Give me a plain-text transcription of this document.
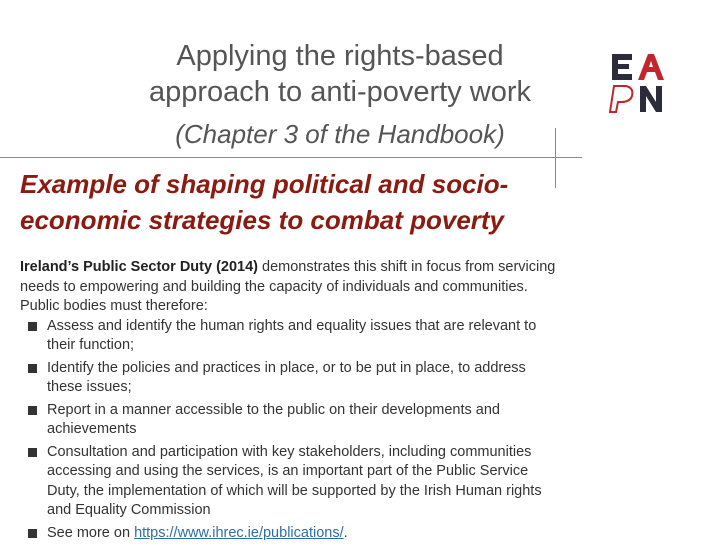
Applying the rights-based
approach to anti-poverty work
(Chapter 3 of the Handbook)
Example of shaping political and socio-
economic strategies to combat poverty

Ireland’s Public Sector Duty (2014) demonstrates this shift in focus from servicing needs to empowering and building the capacity of individuals and communities. Public bodies must therefore:

Assess and identify the human rights and equality issues that are relevant to their function;
Identify the policies and practices in place, or to be put in place, to address these issues;
Report in a manner accessible to the public on their developments and achievements
Consultation and participation with key stakeholders, including communities accessing and using the services, is an important part of the Public Service Duty, the implementation of which will be supported by the Irish Human rights and Equality Commission
See more on https://www.ihrec.ie/publications/.
